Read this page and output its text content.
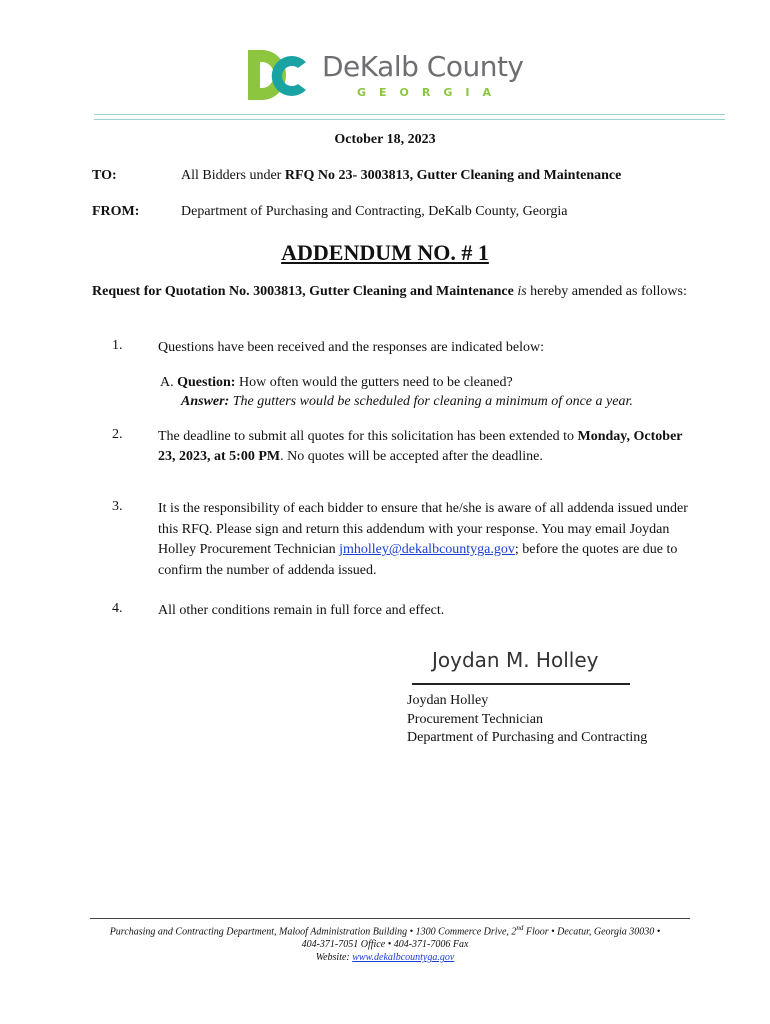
DeKalb County
GEORGIA
October 18, 2023
TO:	All Bidders under RFQ No 23- 3003813, Gutter Cleaning and Maintenance
FROM:	Department of Purchasing and Contracting, DeKalb County, Georgia
ADDENDUM NO. # 1
Request for Quotation No. 3003813, Gutter Cleaning and Maintenance is hereby amended as follows:
1.	Questions have been received and the responses are indicated below:
A. Question: How often would the gutters need to be cleaned?
Answer: The gutters would be scheduled for cleaning a minimum of once a year.
2.	The deadline to submit all quotes for this solicitation has been extended to Monday, October 23, 2023, at 5:00 PM. No quotes will be accepted after the deadline.
3.	It is the responsibility of each bidder to ensure that he/she is aware of all addenda issued under this RFQ. Please sign and return this addendum with your response. You may email Joydan Holley Procurement Technician jmholley@dekalbcountyga.gov; before the quotes are due to confirm the number of addenda issued.
4.	All other conditions remain in full force and effect.
Joydan M. Holley
Joydan Holley
Procurement Technician
Department of Purchasing and Contracting
Purchasing and Contracting Department, Maloof Administration Building • 1300 Commerce Drive, 2nd Floor • Decatur, Georgia 30030 •
404-371-7051 Office • 404-371-7006 Fax
Website: www.dekalbcountyga.gov
